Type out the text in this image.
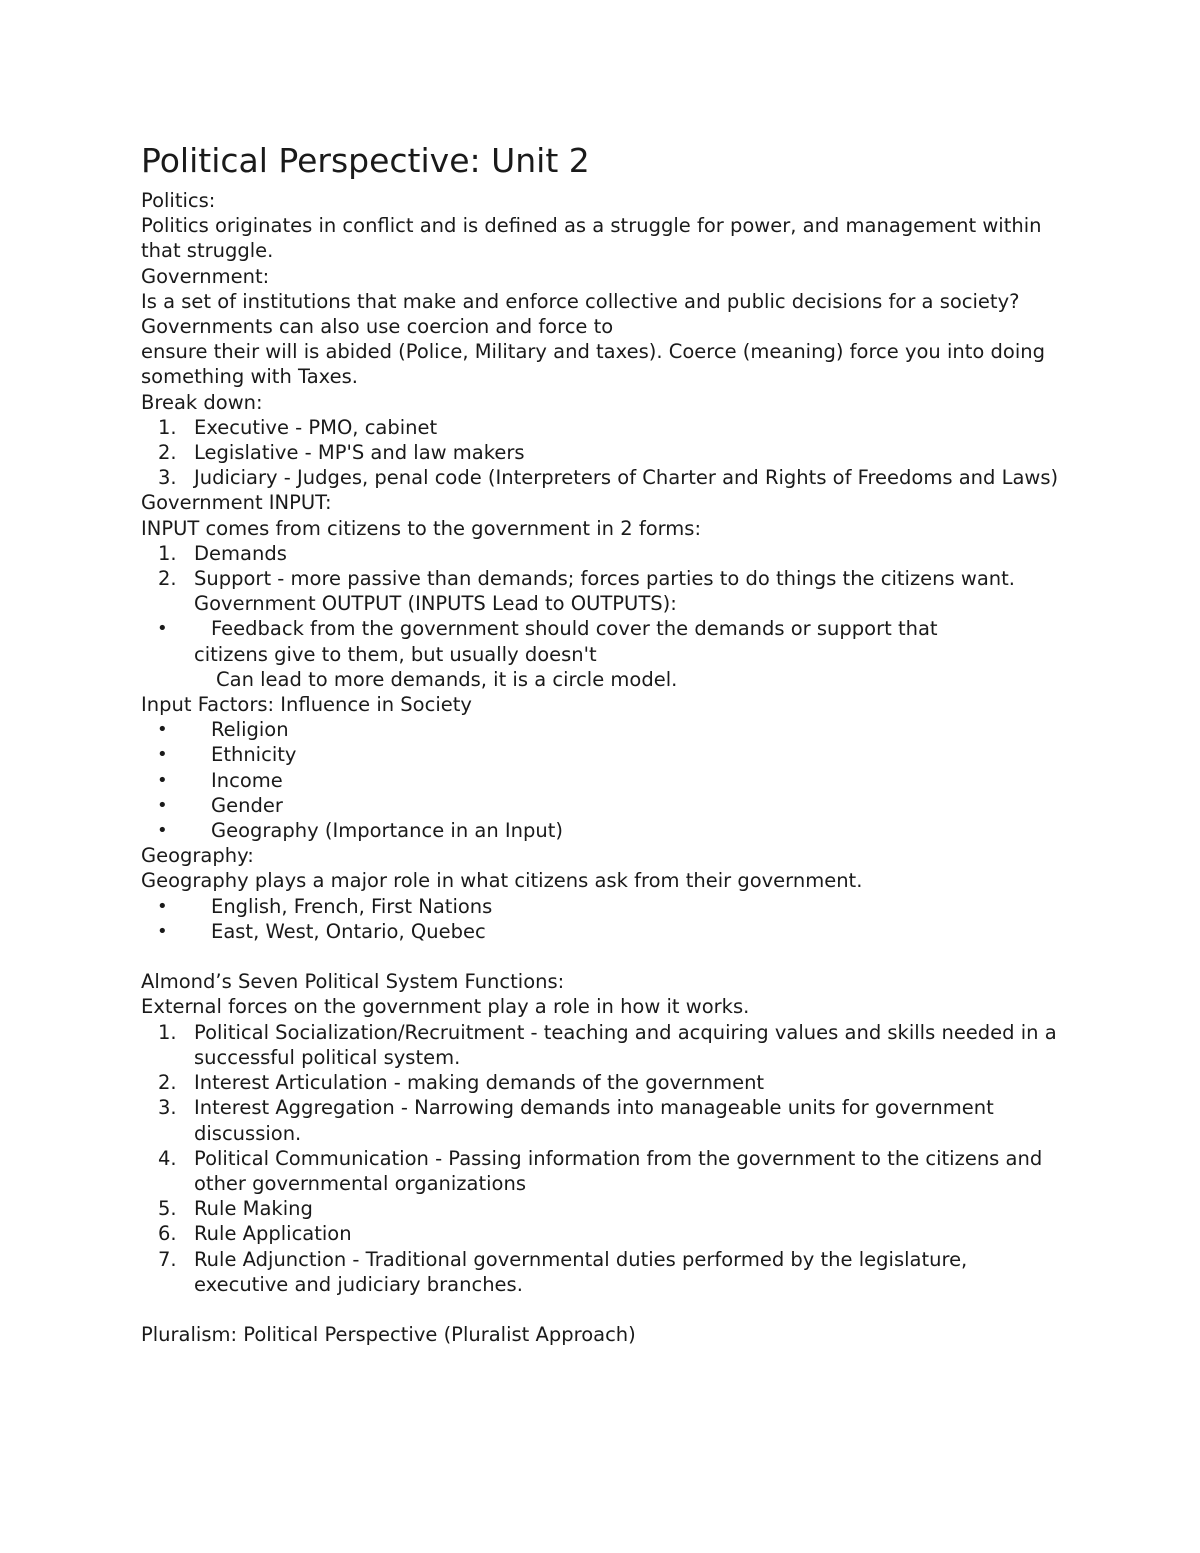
Political Perspective: Unit 2

Politics:

Politics originates in conflict and is defined as a struggle for power, and management within that struggle.

Government:

Is a set of institutions that make and enforce collective and public decisions for a society? Governments can also use coercion and force to

ensure their will is abided (Police, Military and taxes). Coerce (meaning) force you into doing something with Taxes.

Break down:

1. Executive - PMO, cabinet
2. Legislative - MP'S and law makers
3. Judiciary - Judges, penal code (Interpreters of Charter and Rights of Freedoms and Laws)

Government INPUT:

INPUT comes from citizens to the government in 2 forms:

1. Demands
2. Support - more passive than demands; forces parties to do things the citizens want.

Government OUTPUT (INPUTS Lead to OUTPUTS):

•	Feedback from the government should cover the demands or support that
citizens give to them, but usually doesn't

Can lead to more demands, it is a circle model.

Input Factors: Influence in Society

• Religion
• Ethnicity
• Income
• Gender
• Geography (Importance in an Input)

Geography:

Geography plays a major role in what citizens ask from their government.

• English, French, First Nations
• East, West, Ontario, Quebec

Almond’s Seven Political System Functions:

External forces on the government play a role in how it works.

1. Political Socialization/Recruitment - teaching and acquiring values and skills needed in a successful political system.
2. Interest Articulation - making demands of the government
3. Interest Aggregation - Narrowing demands into manageable units for government discussion.
4. Political Communication - Passing information from the government to the citizens and other governmental organizations
5. Rule Making
6. Rule Application
7. Rule Adjunction - Traditional governmental duties performed by the legislature, executive and judiciary branches.

Pluralism: Political Perspective (Pluralist Approach)
